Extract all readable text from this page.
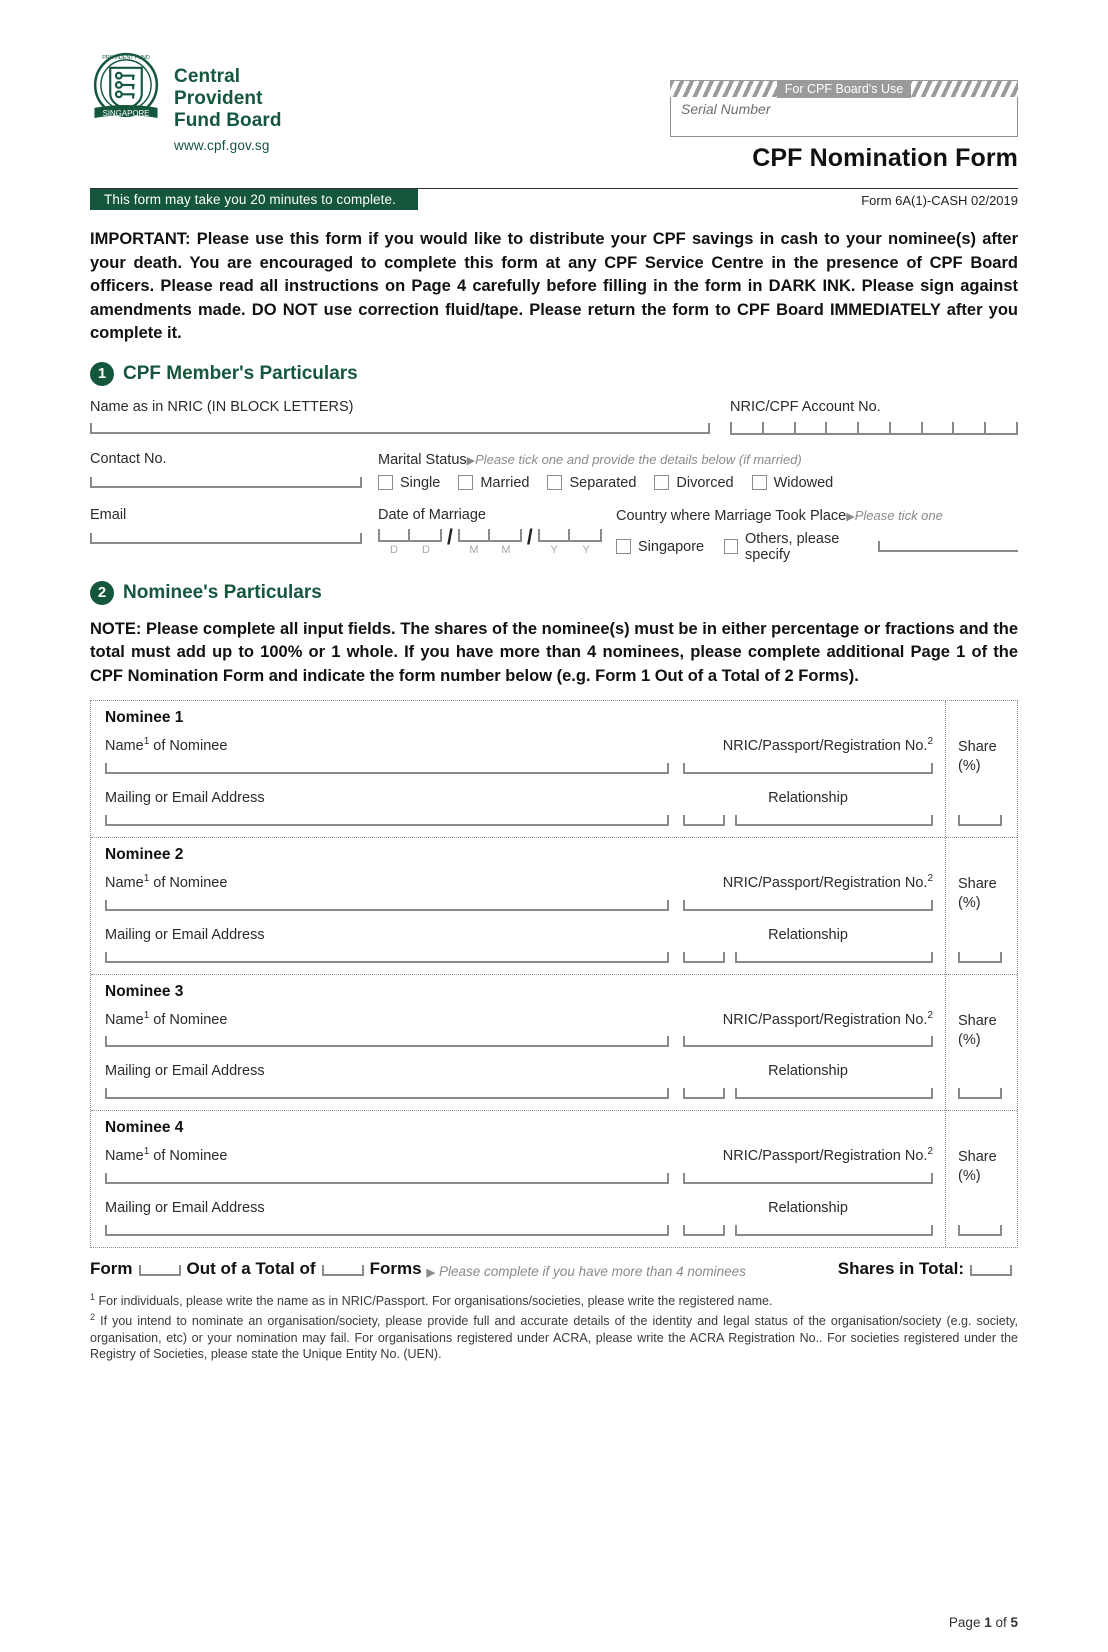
SINGAPORE
PROVIDENT FUND
Central
Provident
Fund Board
www.cpf.gov.sg
For CPF Board's Use
Serial Number
CPF Nomination Form
This form may take you 20 minutes to complete.	Form 6A(1)-CASH 02/2019
IMPORTANT: Please use this form if you would like to distribute your CPF savings in cash to your nominee(s) after your death. You are encouraged to complete this form at any CPF Service Centre in the presence of CPF Board officers. Please read all instructions on Page 4 carefully before filling in the form in DARK INK. Please sign against amendments made. DO NOT use correction fluid/tape. Please return the form to CPF Board IMMEDIATELY after you complete it.
1 CPF Member's Particulars
Name as in NRIC (IN BLOCK LETTERS)	NRIC/CPF Account No.
Contact No.	Marital Status▶Please tick one and provide the details below (if married)
Single	Married	Separated	Divorced	Widowed
Email	Date of Marriage
/	/
D	D	M	M	Y	Y
Country where Marriage Took Place▶Please tick one
Singapore	Others, please specify
2 Nominee's Particulars
NOTE: Please complete all input fields. The shares of the nominee(s) must be in either percentage or fractions and the total must add up to 100% or 1 whole. If you have more than 4 nominees, please complete additional Page 1 of the CPF Nomination Form and indicate the form number below (e.g. Form 1 Out of a Total of 2 Forms).
Nominee 1
Name$^1$ of Nominee	NRIC/Passport/Registration No.$^2$
Mailing or Email Address	Relationship
Nominee 2
Name$^1$ of Nominee	NRIC/Passport/Registration No.$^2$
Mailing or Email Address	Relationship
Nominee 3
Name$^1$ of Nominee	NRIC/Passport/Registration No.$^2$
Mailing or Email Address	Relationship
Nominee 4
Name$^1$ of Nominee	NRIC/Passport/Registration No.$^2$
Mailing or Email Address	Relationship
Share
(%)
Share
(%)
Share
(%)
Share
(%)
Form	Out of a Total of	Forms ▶ Please complete if you have more than 4 nominees	Shares in Total:
$^1$ For individuals, please write the name as in NRIC/Passport. For organisations/societies, please write the registered name.
$^2$ If you intend to nominate an organisation/society, please provide full and accurate details of the identity and legal status of the organisation/society (e.g. society, organisation, etc) or your nomination may fail. For organisations registered under ACRA, please write the ACRA Registration No.. For societies registered under the Registry of Societies, please state the Unique Entity No. (UEN).
Page 1 of 5
